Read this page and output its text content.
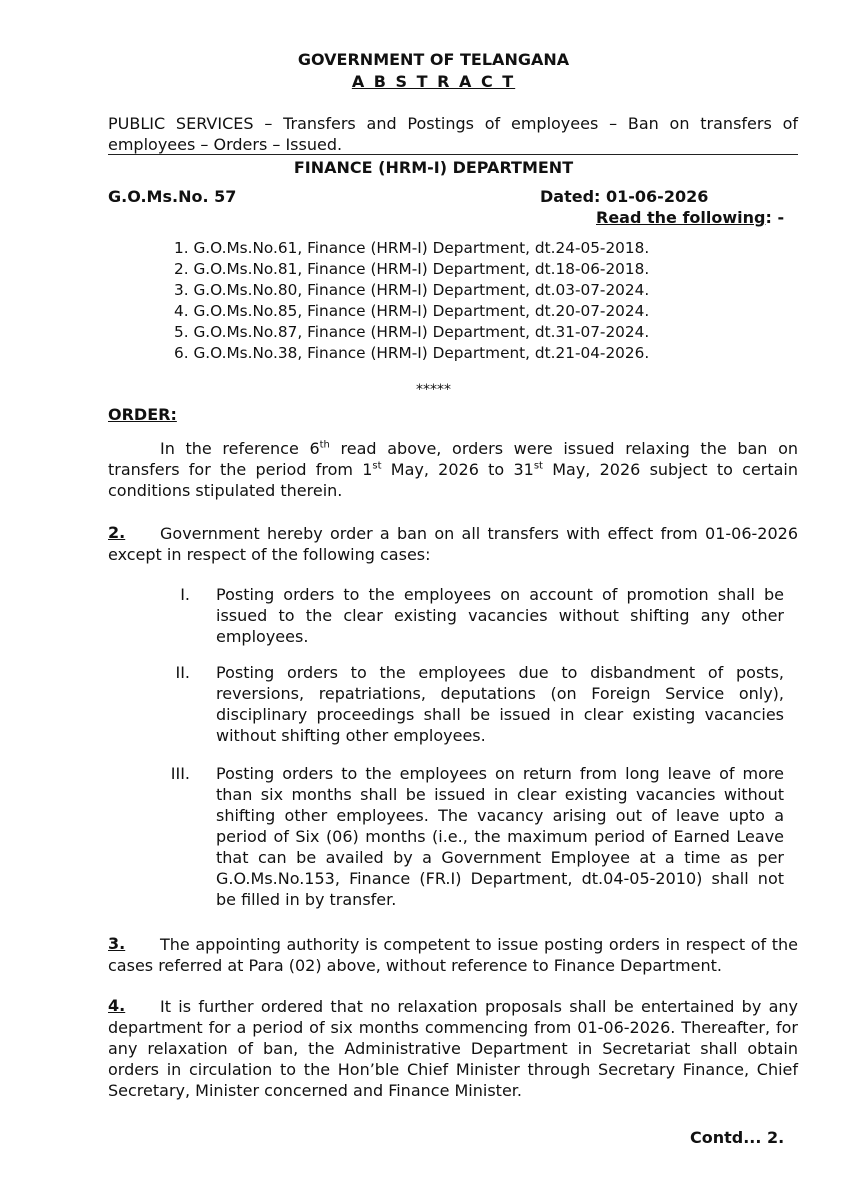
GOVERNMENT OF TELANGANA
A B S T R A C T
PUBLIC SERVICES – Transfers and Postings of employees – Ban on transfers of employees – Orders – Issued.
FINANCE (HRM-I) DEPARTMENT
G.O.Ms.No. 57	Dated: 01-06-2026
Read the following: -
1. G.O.Ms.No.61, Finance (HRM-I) Department, dt.24-05-2018.
2. G.O.Ms.No.81, Finance (HRM-I) Department, dt.18-06-2018.
3. G.O.Ms.No.80, Finance (HRM-I) Department, dt.03-07-2024.
4. G.O.Ms.No.85, Finance (HRM-I) Department, dt.20-07-2024.
5. G.O.Ms.No.87, Finance (HRM-I) Department, dt.31-07-2024.
6. G.O.Ms.No.38, Finance (HRM-I) Department, dt.21-04-2026.
*****
ORDER:
In the reference 6th read above, orders were issued relaxing the ban on transfers for the period from 1st May, 2026 to 31st May, 2026 subject to certain conditions stipulated therein.
2.	Government hereby order a ban on all transfers with effect from 01-06-2026 except in respect of the following cases:
I. Posting orders to the employees on account of promotion shall be issued to the clear existing vacancies without shifting any other employees.
II. Posting orders to the employees due to disbandment of posts, reversions, repatriations, deputations (on Foreign Service only), disciplinary proceedings shall be issued in clear existing vacancies without shifting other employees.
III. Posting orders to the employees on return from long leave of more than six months shall be issued in clear existing vacancies without shifting other employees. The vacancy arising out of leave upto a period of Six (06) months (i.e., the maximum period of Earned Leave that can be availed by a Government Employee at a time as per G.O.Ms.No.153, Finance (FR.I) Department, dt.04-05-2010) shall not be filled in by transfer.
3.	The appointing authority is competent to issue posting orders in respect of the cases referred at Para (02) above, without reference to Finance Department.
4.	It is further ordered that no relaxation proposals shall be entertained by any department for a period of six months commencing from 01-06-2026. Thereafter, for any relaxation of ban, the Administrative Department in Secretariat shall obtain orders in circulation to the Hon’ble Chief Minister through Secretary Finance, Chief Secretary, Minister concerned and Finance Minister.
Contd... 2.
